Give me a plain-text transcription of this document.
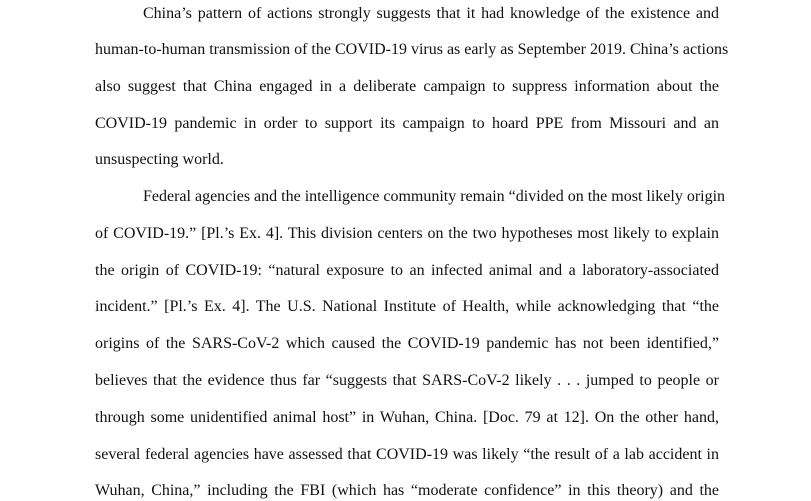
China’s pattern of actions strongly suggests that it had knowledge of the existence and
human-to-human transmission of the COVID-19 virus as early as September 2019. China’s actions
also suggest that China engaged in a deliberate campaign to suppress information about the
COVID-19 pandemic in order to support its campaign to hoard PPE from Missouri and an
unsuspecting world.
Federal agencies and the intelligence community remain “divided on the most likely origin
of COVID-19.” [Pl.’s Ex. 4]. This division centers on the two hypotheses most likely to explain
the origin of COVID-19: “natural exposure to an infected animal and a laboratory-associated
incident.” [Pl.’s Ex. 4]. The U.S. National Institute of Health, while acknowledging that “the
origins of the SARS-CoV-2 which caused the COVID-19 pandemic has not been identified,”
believes that the evidence thus far “suggests that SARS-CoV-2 likely . . . jumped to people or
through some unidentified animal host” in Wuhan, China. [Doc. 79 at 12]. On the other hand,
several federal agencies have assessed that COVID-19 was likely “the result of a lab accident in
Wuhan, China,” including the FBI (which has “moderate confidence” in this theory) and the
